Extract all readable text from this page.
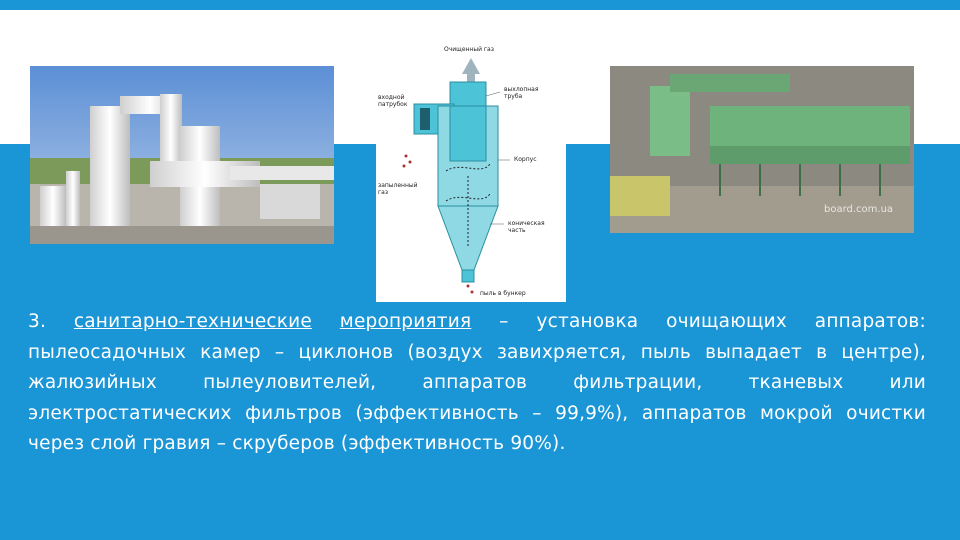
Очищенный газ
входной патрубок
выхлопная труба
запыленный газ
Корпус
коническая часть
пыль в бункер
board.com.ua
3. санитарно-технические мероприятия – установка очищающих аппаратов: пылеосадочных камер – циклонов (воздух завихряется, пыль выпадает в центре), жалюзийных пылеуловителей, аппаратов фильтрации, тканевых или электростатических фильтров (эффективность – 99,9%), аппаратов мокрой очистки через слой гравия – скруберов (эффективность 90%).
